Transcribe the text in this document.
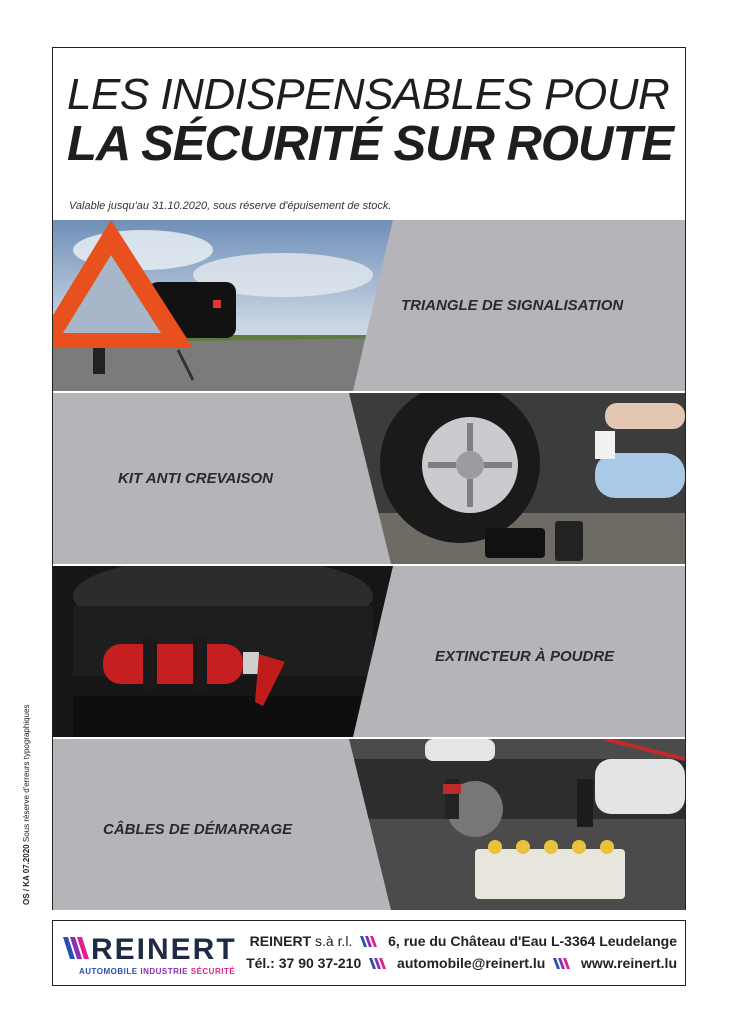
LES INDISPENSABLES POUR
LA SÉCURITÉ SUR ROUTE
Valable jusqu'au 31.10.2020, sous réserve d'épuisement de stock.
TRIANGLE DE SIGNALISATION
KIT ANTI CREVAISON
EXTINCTEUR À POUDRE
CÂBLES DE DÉMARRAGE
OS / KA 07.2020 Sous réserve d'erreurs typographiques
REINERT
AUTOMOBILE INDUSTRIE SÉCURITÉ
REINERT s.à r.l.	6, rue du Château d'Eau L-3364 Leudelange
Tél.: 37 90 37-210	automobile@reinert.lu	www.reinert.lu
